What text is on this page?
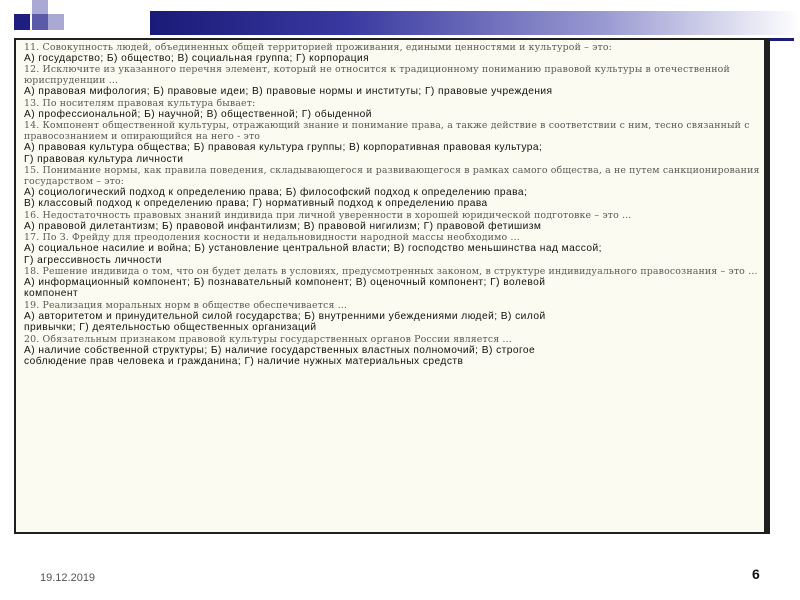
11. Совокупность людей, объединенных общей территорией проживания, едиными ценностями и культурой – это:

А) государство; Б) общество; В) социальная группа; Г) корпорация

12. Исключите из указанного перечня элемент, который не относится к традиционному пониманию правовой культуры в отечественной юриспруденции …

А) правовая мифология; Б) правовые идеи; В) правовые нормы и институты; Г) правовые учреждения

13. По носителям правовая культура бывает:

А) профессиональной; Б) научной; В) общественной; Г) обыденной

14. Компонент общественной культуры, отражающий знание и понимание права, а также действие в соответствии с ним, тесно связанный с правосознанием и опирающийся на него - это

А) правовая культура общества; Б) правовая культура группы; В) корпоративная правовая культура;

Г) правовая культура личности

15. Понимание нормы, как правила поведения, складывающегося и развивающегося в рамках самого общества, а не путем санкционирования государством – это:

А) социологический подход к определению права; Б) философский подход к определению права;

В) классовый подход к определению права; Г) нормативный подход к определению права

16. Недостаточность правовых знаний индивида при личной уверенности в хорошей юридической подготовке – это …

А) правовой дилетантизм; Б) правовой инфантилизм; В) правовой нигилизм; Г) правовой фетишизм

17. По З. Фрейду для преодоления косности и недальновидности народной массы необходимо …

А) социальное насилие и война; Б) установление центральной власти; В) господство меньшинства над массой;

Г) агрессивность личности

18. Решение индивида о том, что он будет делать в условиях, предусмотренных законом, в структуре индивидуального правосознания – это …

А) информационный компонент; Б) познавательный компонент; В) оценочный компонент; Г) волевой

компонент

19. Реализация моральных норм в обществе обеспечивается …

А) авторитетом и принудительной силой государства; Б) внутренними убеждениями людей; В) силой

привычки; Г) деятельностью общественных организаций

20. Обязательным признаком правовой культуры государственных органов России является …

А) наличие собственной структуры; Б) наличие государственных властных полномочий; В) строгое

соблюдение прав человека и гражданина; Г) наличие нужных материальных средств

19.12.2019	6
